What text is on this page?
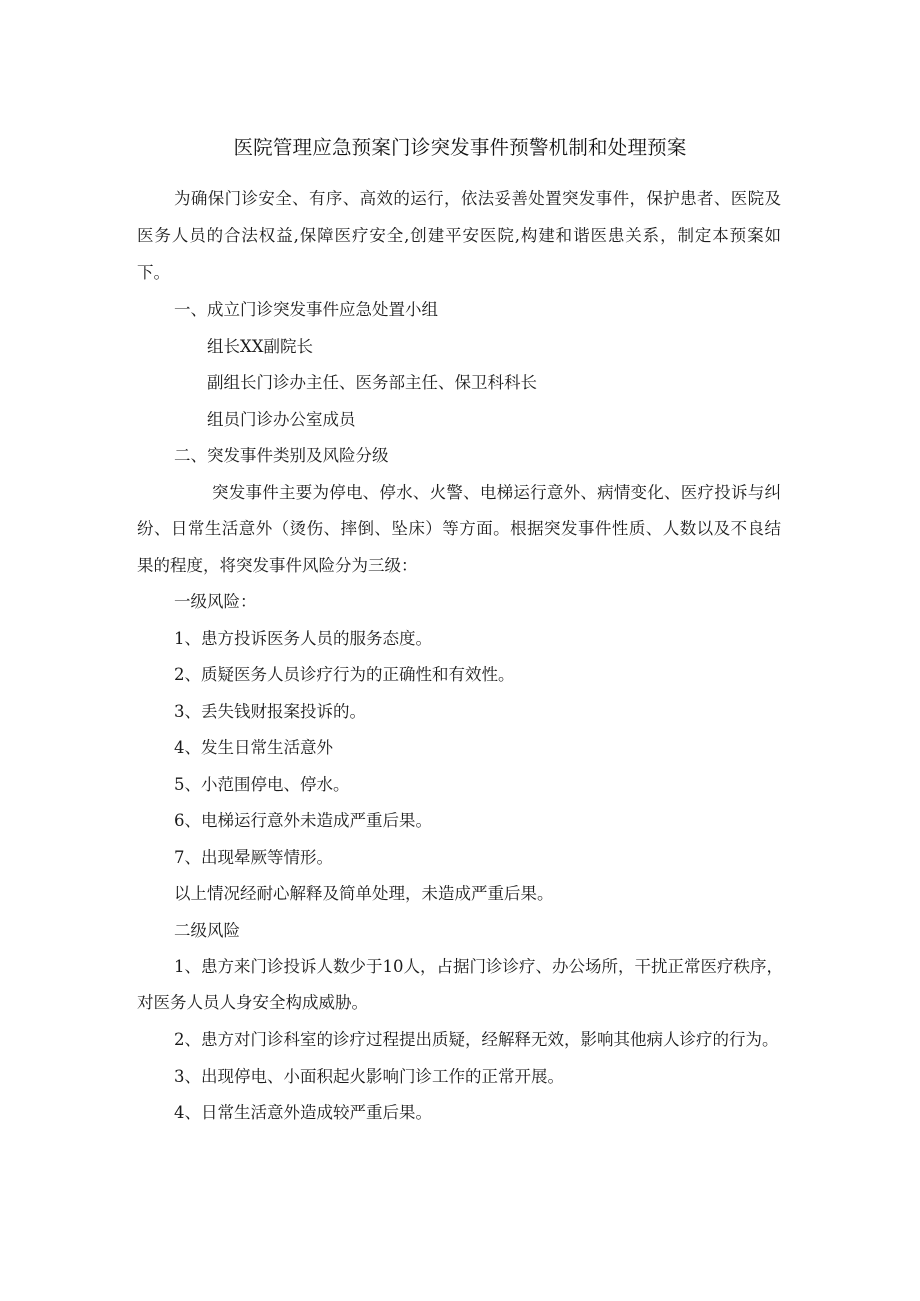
医院管理应急预案门诊突发事件预警机制和处理预案
为确保门诊安全、有序、高效的运行，依法妥善处置突发事件，保护患者、医院及
医务人员的合法权益,保障医疗安全,创建平安医院,构建和谐医患关系，制定本预案如
下。
一、成立门诊突发事件应急处置小组
组长XX副院长
副组长门诊办主任、医务部主任、保卫科科长
组员门诊办公室成员
二、突发事件类别及风险分级
突发事件主要为停电、停水、火警、电梯运行意外、病情变化、医疗投诉与纠
纷、日常生活意外（烫伤、摔倒、坠床）等方面。根据突发事件性质、人数以及不良结
果的程度，将突发事件风险分为三级：
一级风险：
1、患方投诉医务人员的服务态度。
2、质疑医务人员诊疗行为的正确性和有效性。
3、丢失钱财报案投诉的。
4、发生日常生活意外
5、小范围停电、停水。
6、电梯运行意外未造成严重后果。
7、出现晕厥等情形。
以上情况经耐心解释及简单处理，未造成严重后果。
二级风险
1、患方来门诊投诉人数少于10人，占据门诊诊疗、办公场所，干扰正常医疗秩序，
对医务人员人身安全构成威胁。
2、患方对门诊科室的诊疗过程提出质疑，经解释无效，影响其他病人诊疗的行为。
3、出现停电、小面积起火影响门诊工作的正常开展。
4、日常生活意外造成较严重后果。
